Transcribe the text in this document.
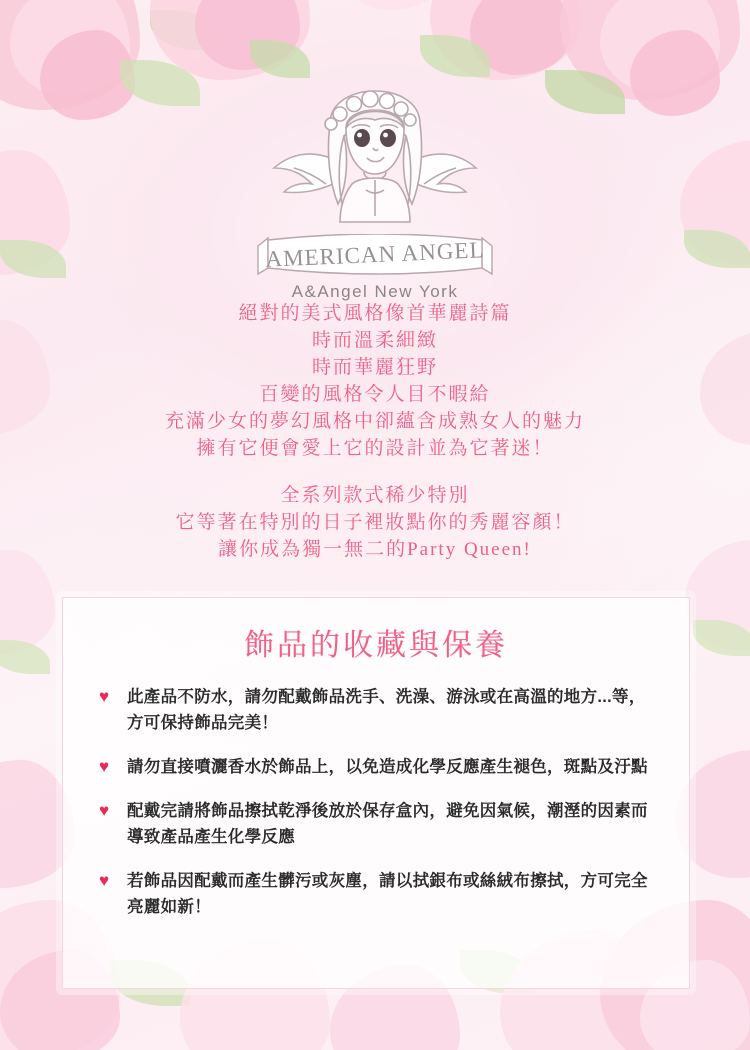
AMERICAN ANGEL
A&Angel New York
絕對的美式風格像首華麗詩篇
時而溫柔細緻
時而華麗狂野
百變的風格令人目不暇給
充滿少女的夢幻風格中卻蘊含成熟女人的魅力
擁有它便會愛上它的設計並為它著迷！
全系列款式稀少特別
它等著在特別的日子裡妝點你的秀麗容顏！
讓你成為獨一無二的Party Queen!
飾品的收藏與保養
♥	此產品不防水，請勿配戴飾品洗手、洗澡、游泳或在高溫的地方...等，方可保持飾品完美！
♥	請勿直接噴灑香水於飾品上，以免造成化學反應產生褪色，斑點及汙點
♥	配戴完請將飾品擦拭乾淨後放於保存盒內，避免因氣候，潮溼的因素而導致產品產生化學反應
♥	若飾品因配戴而產生髒污或灰塵，請以拭銀布或絲絨布擦拭，方可完全亮麗如新！
